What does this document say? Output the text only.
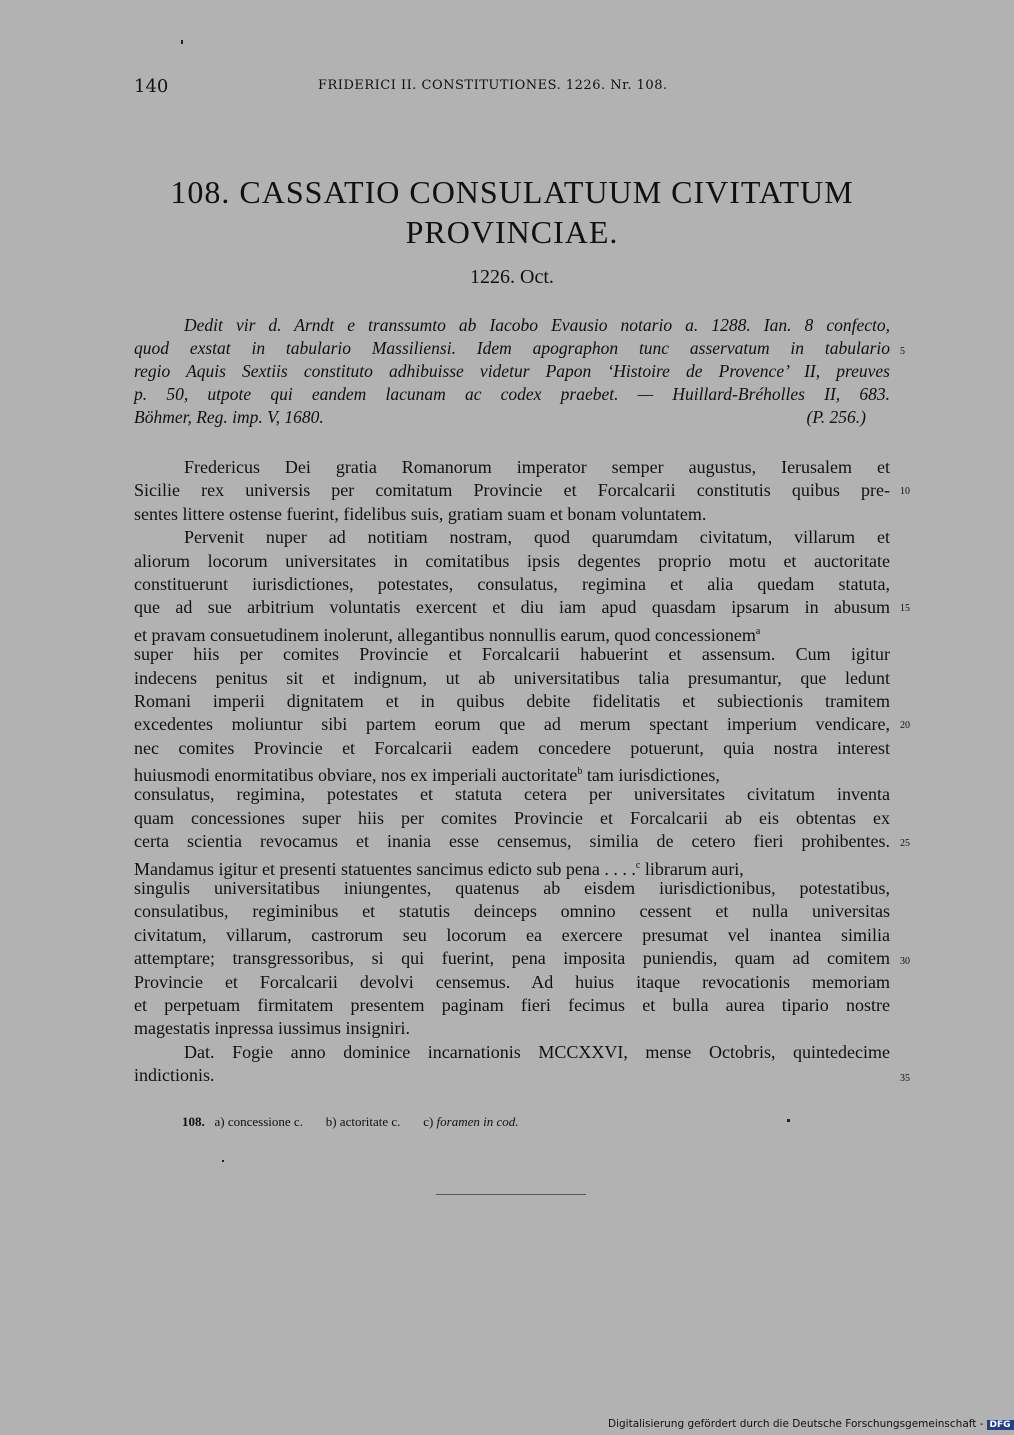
140	FRIDERICI II. CONSTITUTIONES. 1226. Nr. 108.
108. CASSATIO CONSULATUUM CIVITATUM
PROVINCIAE.
1226. Oct.
Dedit vir d. Arndt e transsumto ab Iacobo Evausio notario a. 1288. Ian. 8 confecto,
quod exstat in tabulario Massiliensi. Idem apographon tunc asservatum in tabulario
regio Aquis Sextiis constituto adhibuisse videtur Papon ‘Histoire de Provence’ II, preuves
p. 50, utpote qui eandem lacunam ac codex praebet. — Huillard-Bréholles II, 683.
Böhmer, Reg. imp. V, 1680.	(P. 256.)
Fredericus Dei gratia Romanorum imperator semper augustus, Ierusalem et
Sicilie rex universis per comitatum Provincie et Forcalcarii constitutis quibus pre-
sentes littere ostense fuerint, fidelibus suis, gratiam suam et bonam voluntatem.
Pervenit nuper ad notitiam nostram, quod quarumdam civitatum, villarum et
aliorum locorum universitates in comitatibus ipsis degentes proprio motu et auctoritate
constituerunt iurisdictiones, potestates, consulatus, regimina et alia quedam statuta,
que ad sue arbitrium voluntatis exercent et diu iam apud quasdam ipsarum in abusum
et pravam consuetudinem inolerunt, allegantibus nonnullis earum, quod concessionem$^a$
super hiis per comites Provincie et Forcalcarii habuerint et assensum. Cum igitur
indecens penitus sit et indignum, ut ab universitatibus talia presumantur, que ledunt
Romani imperii dignitatem et in quibus debite fidelitatis et subiectionis tramitem
excedentes moliuntur sibi partem eorum que ad merum spectant imperium vendicare,
nec comites Provincie et Forcalcarii eadem concedere potuerunt, quia nostra interest
huiusmodi enormitatibus obviare, nos ex imperiali auctoritate$^b$ tam iurisdictiones,
consulatus, regimina, potestates et statuta cetera per universitates civitatum inventa
quam concessiones super hiis per comites Provincie et Forcalcarii ab eis obtentas ex
certa scientia revocamus et inania esse censemus, similia de cetero fieri prohibentes.
Mandamus igitur et presenti statuentes sancimus edicto sub pena . . . .$^c$ librarum auri,
singulis universitatibus iniungentes, quatenus ab eisdem iurisdictionibus, potestatibus,
consulatibus, regiminibus et statutis deinceps omnino cessent et nulla universitas
civitatum, villarum, castrorum seu locorum ea exercere presumat vel inantea similia
attemptare; transgressoribus, si qui fuerint, pena imposita puniendis, quam ad comitem
Provincie et Forcalcarii devolvi censemus. Ad huius itaque revocationis memoriam
et perpetuam firmitatem presentem paginam fieri fecimus et bulla aurea tipario nostre
magestatis inpressa iussimus insigniri.
Dat. Fogie anno dominice incarnationis MCCXXVI, mense Octobris, quintedecime
indictionis.
5
10
15
20
25
30
35
108. a) concessione c. b) actoritate c. c) foramen in cod.
Digitalisierung gefördert durch die Deutsche Forschungsgemeinschaft - DFG
